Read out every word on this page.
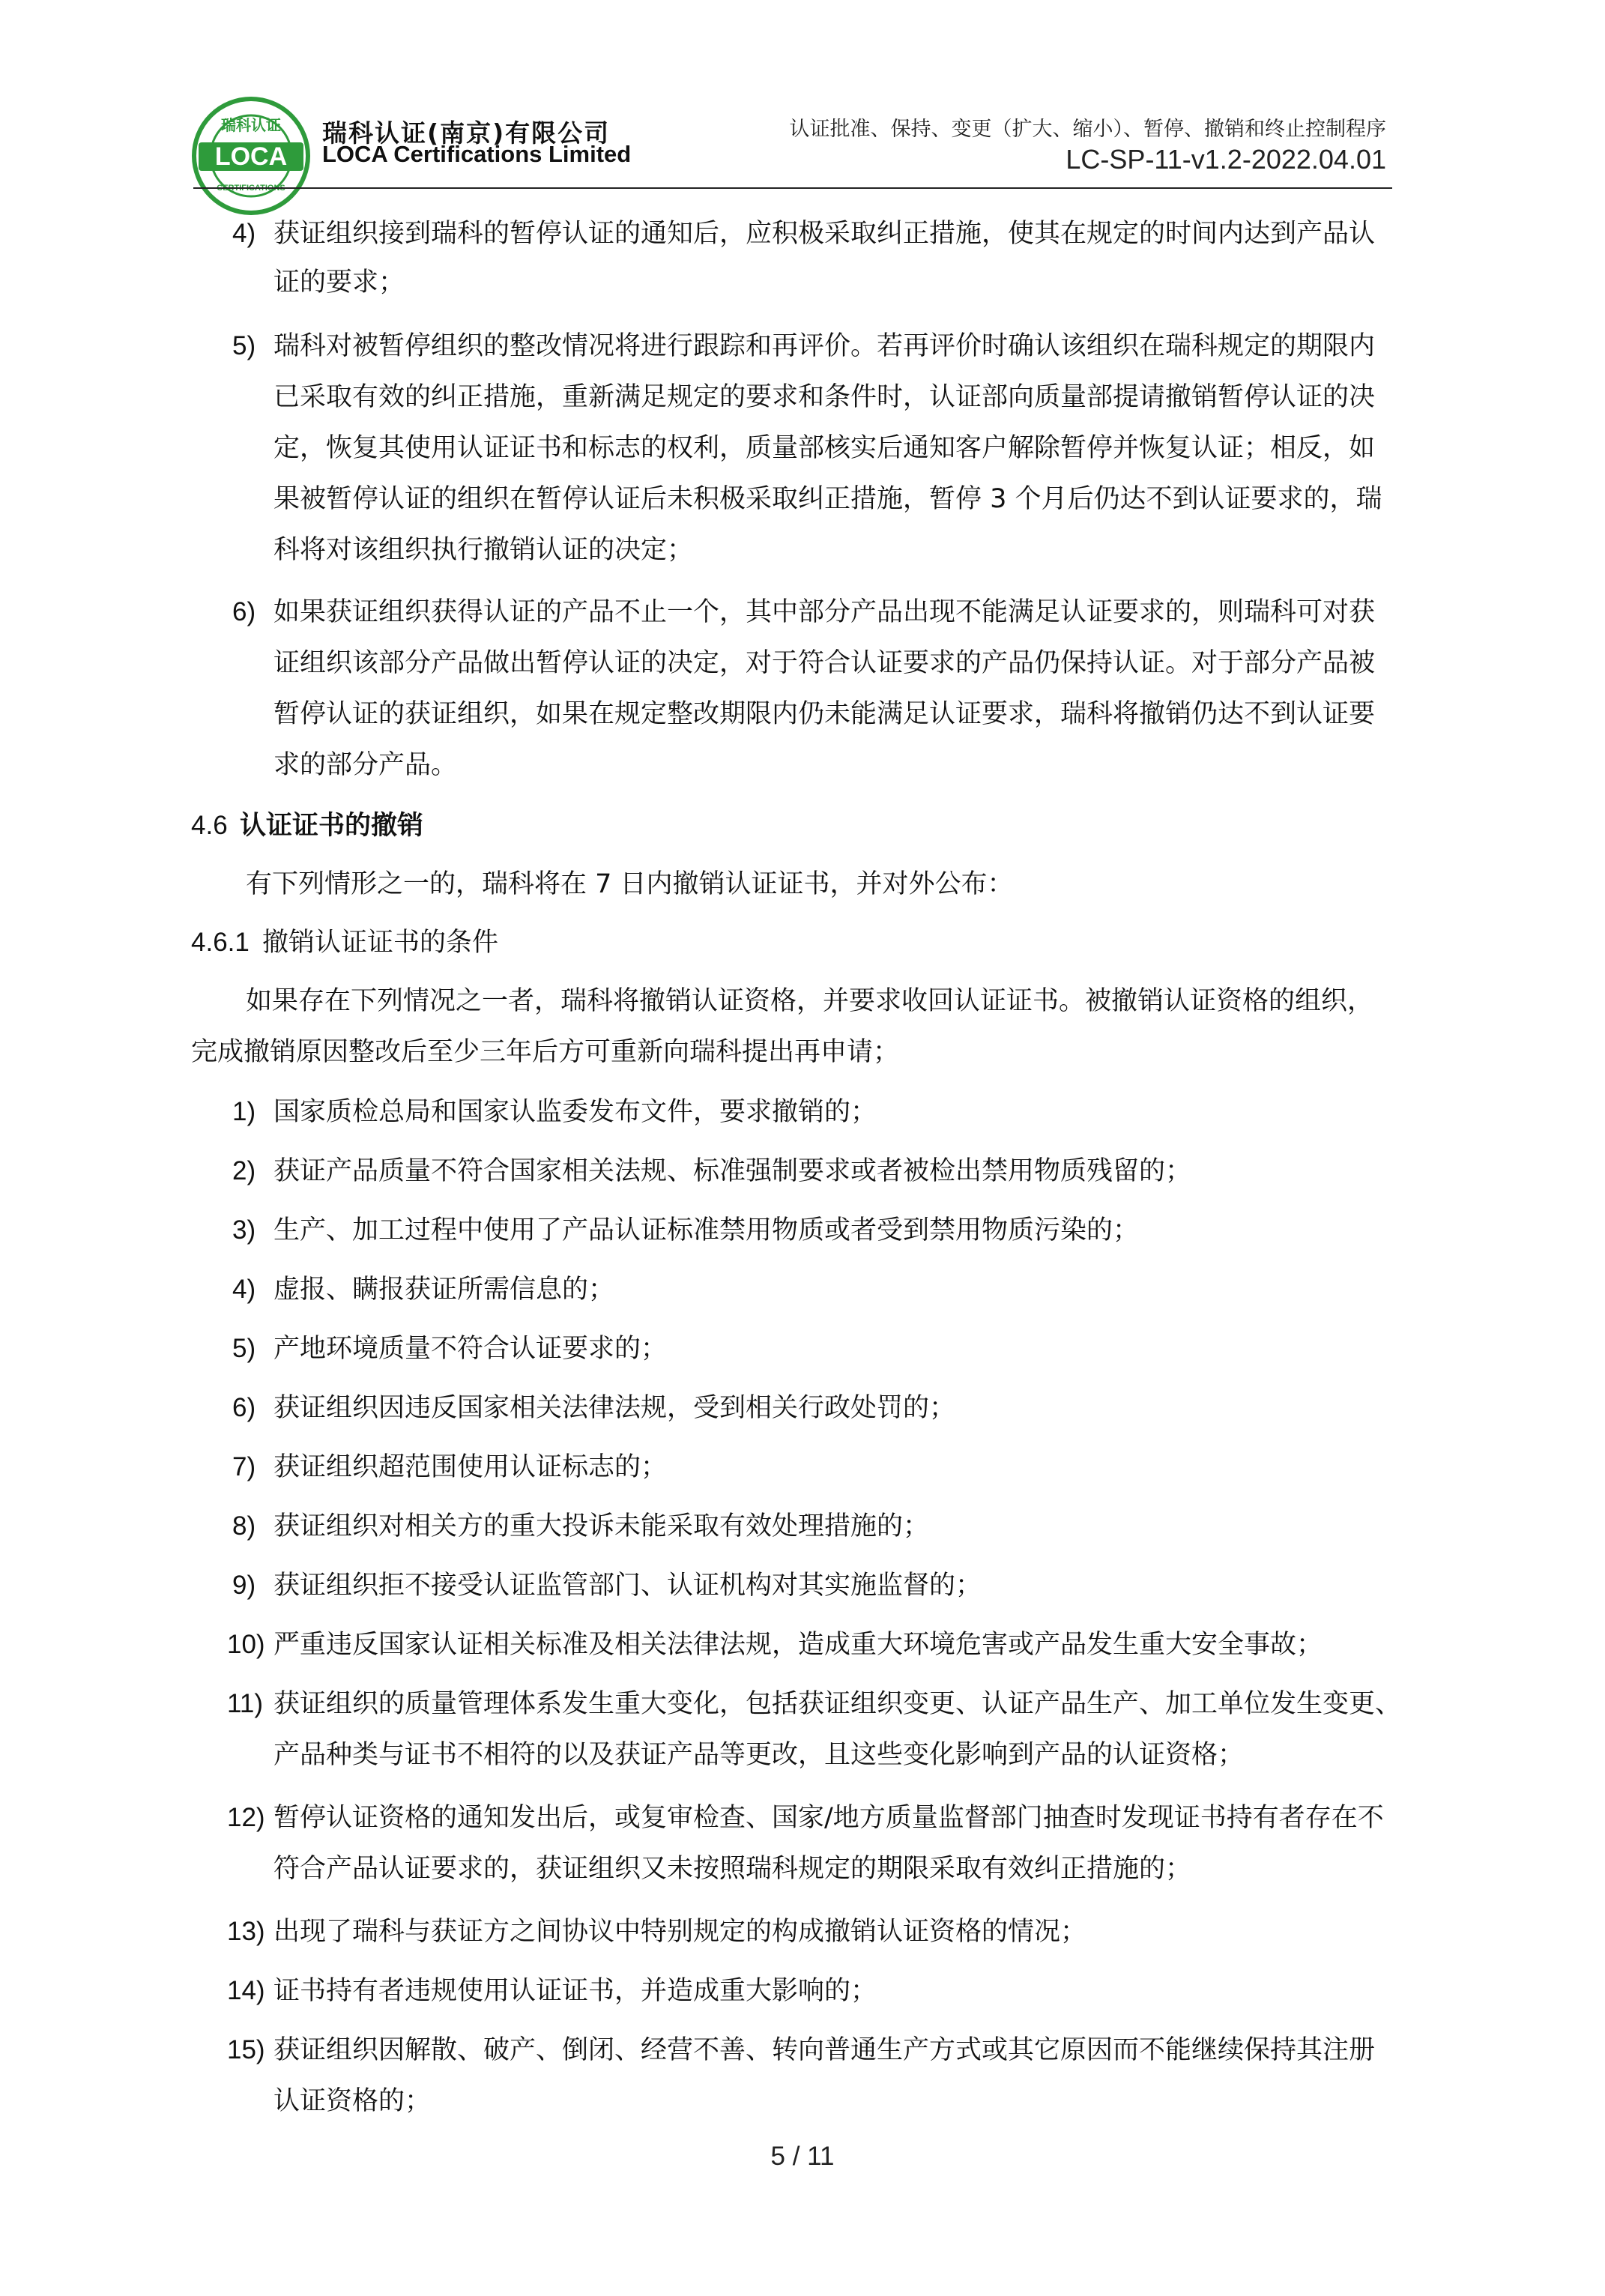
LOCA
瑞科认证
CERTIFICATIONS
瑞科认证(南京)有限公司
LOCA Certifications Limited
认证批准、保持、变更（扩大、缩小）、暂停、撤销和终止控制程序
LC-SP-11-v1.2-2022.04.01
4) 获证组织接到瑞科的暂停认证的通知后，应积极采取纠正措施，使其在规定的时间内达到产品认
证的要求；
5) 瑞科对被暂停组织的整改情况将进行跟踪和再评价。若再评价时确认该组织在瑞科规定的期限内
已采取有效的纠正措施，重新满足规定的要求和条件时，认证部向质量部提请撤销暂停认证的决
定，恢复其使用认证证书和标志的权利，质量部核实后通知客户解除暂停并恢复认证；相反，如
果被暂停认证的组织在暂停认证后未积极采取纠正措施，暂停 3 个月后仍达不到认证要求的，瑞
科将对该组织执行撤销认证的决定；
6) 如果获证组织获得认证的产品不止一个，其中部分产品出现不能满足认证要求的，则瑞科可对获
证组织该部分产品做出暂停认证的决定，对于符合认证要求的产品仍保持认证。对于部分产品被
暂停认证的获证组织，如果在规定整改期限内仍未能满足认证要求，瑞科将撤销仍达不到认证要
求的部分产品。
4.6 认证证书的撤销
有下列情形之一的，瑞科将在 7 日内撤销认证证书，并对外公布：
4.6.1 撤销认证证书的条件
如果存在下列情况之一者，瑞科将撤销认证资格，并要求收回认证证书。被撤销认证资格的组织，
完成撤销原因整改后至少三年后方可重新向瑞科提出再申请；
1) 国家质检总局和国家认监委发布文件，要求撤销的；
2) 获证产品质量不符合国家相关法规、标准强制要求或者被检出禁用物质残留的；
3) 生产、加工过程中使用了产品认证标准禁用物质或者受到禁用物质污染的；
4) 虚报、瞒报获证所需信息的；
5) 产地环境质量不符合认证要求的；
6) 获证组织因违反国家相关法律法规，受到相关行政处罚的；
7) 获证组织超范围使用认证标志的；
8) 获证组织对相关方的重大投诉未能采取有效处理措施的；
9) 获证组织拒不接受认证监管部门、认证机构对其实施监督的；
10) 严重违反国家认证相关标准及相关法律法规，造成重大环境危害或产品发生重大安全事故；
11) 获证组织的质量管理体系发生重大变化，包括获证组织变更、认证产品生产、加工单位发生变更、
产品种类与证书不相符的以及获证产品等更改，且这些变化影响到产品的认证资格；
12) 暂停认证资格的通知发出后，或复审检查、国家/地方质量监督部门抽查时发现证书持有者存在不
符合产品认证要求的，获证组织又未按照瑞科规定的期限采取有效纠正措施的；
13) 出现了瑞科与获证方之间协议中特别规定的构成撤销认证资格的情况；
14) 证书持有者违规使用认证证书，并造成重大影响的；
15) 获证组织因解散、破产、倒闭、经营不善、转向普通生产方式或其它原因而不能继续保持其注册
认证资格的；
5 / 11
